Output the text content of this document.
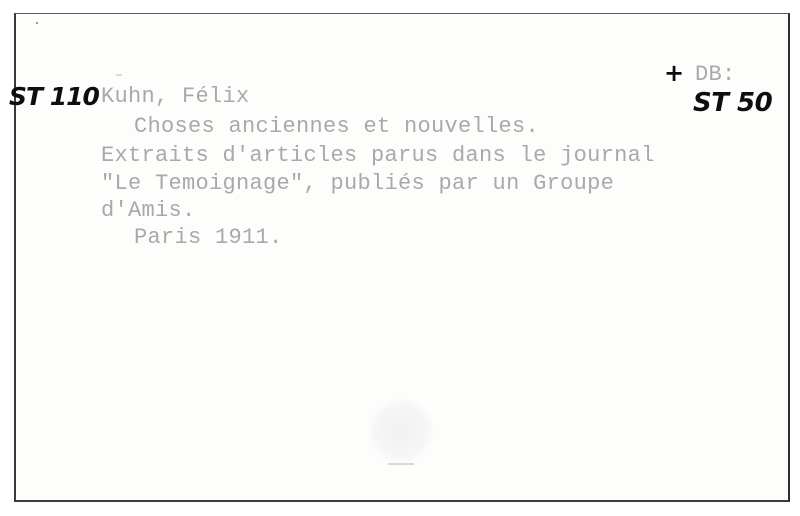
ST 110 Kuhn, Félix
+ DB:
ST 50
Choses anciennes et nouvelles.
Extraits d'articles parus dans le journal
"Le Temoignage", publiés par un Groupe
d'Amis.
Paris 1911.
